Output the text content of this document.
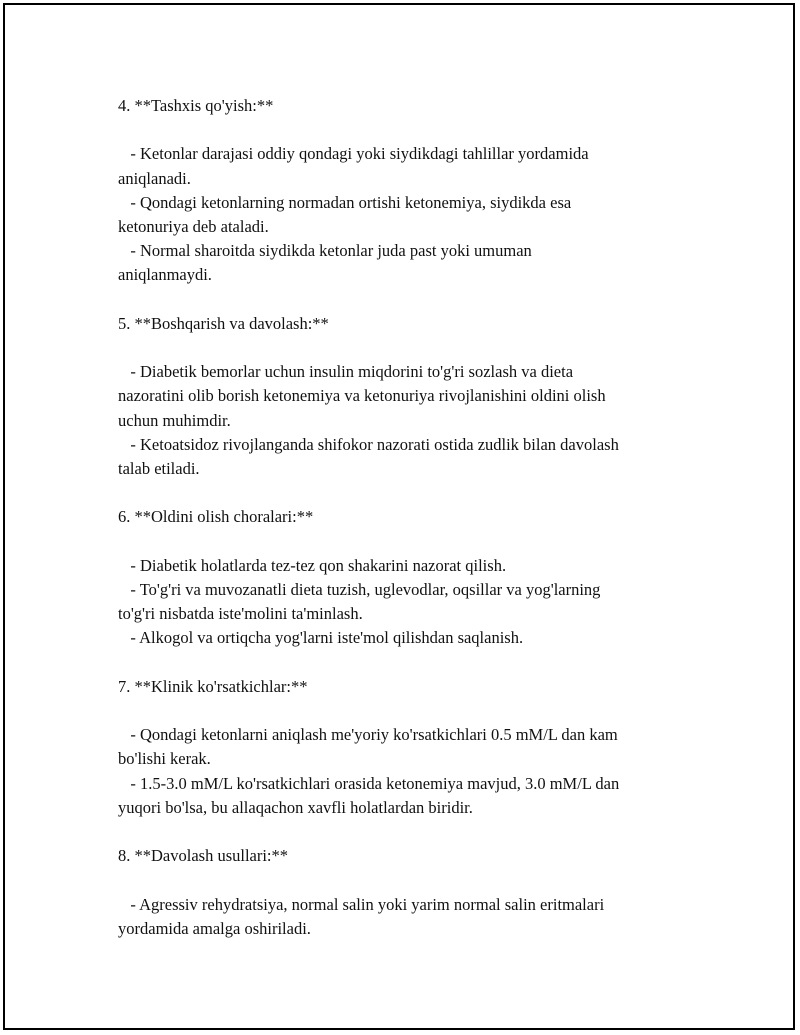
4. **Tashxis qo'yish:**
- Ketonlar darajasi oddiy qondagi yoki siydikdagi tahlillar yordamida
aniqlanadi.
- Qondagi ketonlarning normadan ortishi ketonemiya, siydikda esa
ketonuriya deb ataladi.
- Normal sharoitda siydikda ketonlar juda past yoki umuman
aniqlanmaydi.
5. **Boshqarish va davolash:**
- Diabetik bemorlar uchun insulin miqdorini to'g'ri sozlash va dieta
nazoratini olib borish ketonemiya va ketonuriya rivojlanishini oldini olish
uchun muhimdir.
- Ketoatsidoz rivojlanganda shifokor nazorati ostida zudlik bilan davolash
talab etiladi.
6. **Oldini olish choralari:**
- Diabetik holatlarda tez-tez qon shakarini nazorat qilish.
- To'g'ri va muvozanatli dieta tuzish, uglevodlar, oqsillar va yog'larning
to'g'ri nisbatda iste'molini ta'minlash.
- Alkogol va ortiqcha yog'larni iste'mol qilishdan saqlanish.
7. **Klinik ko'rsatkichlar:**
- Qondagi ketonlarni aniqlash me'yoriy ko'rsatkichlari 0.5 mM/L dan kam
bo'lishi kerak.
- 1.5-3.0 mM/L ko'rsatkichlari orasida ketonemiya mavjud, 3.0 mM/L dan
yuqori bo'lsa, bu allaqachon xavfli holatlardan biridir.
8. **Davolash usullari:**
- Agressiv rehydratsiya, normal salin yoki yarim normal salin eritmalari
yordamida amalga oshiriladi.
